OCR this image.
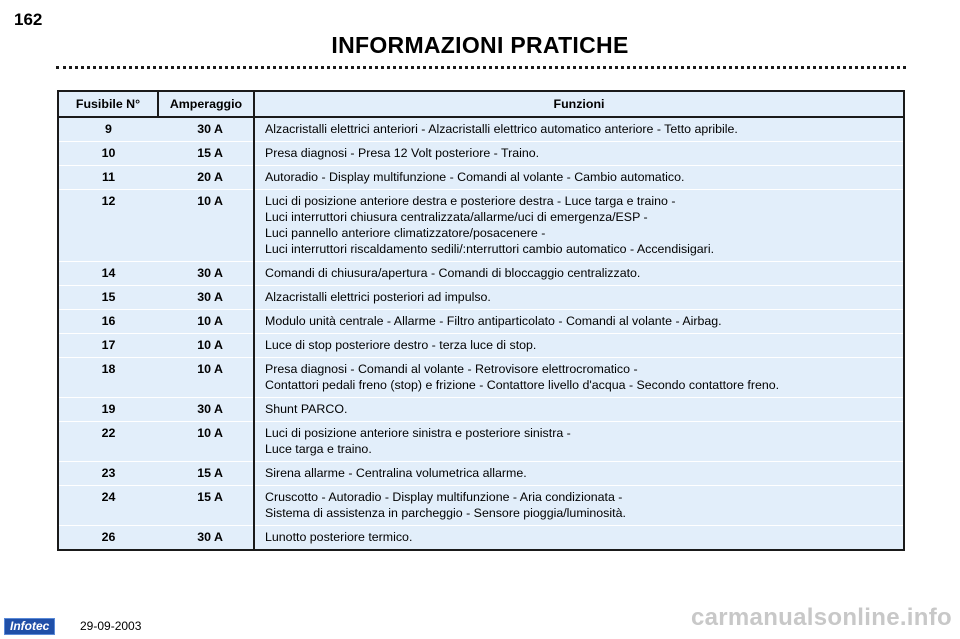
162
INFORMAZIONI PRATICHE
Fusibile N°	Amperaggio	Funzioni
9	30 A	Alzacristalli elettrici anteriori - Alzacristalli elettrico automatico anteriore - Tetto apribile.
10	15 A	Presa diagnosi - Presa 12 Volt posteriore - Traino.
11	20 A	Autoradio - Display multifunzione - Comandi al volante - Cambio automatico.
12	10 A	Luci di posizione anteriore destra e posteriore destra - Luce targa e traino -
Luci interruttori chiusura centralizzata/allarme/uci di emergenza/ESP -
Luci pannello anteriore climatizzatore/posacenere -
Luci interruttori riscaldamento sedili/:nterruttori cambio automatico - Accendisigari.
14	30 A	Comandi di chiusura/apertura - Comandi di bloccaggio centralizzato.
15	30 A	Alzacristalli elettrici posteriori ad impulso.
16	10 A	Modulo unità centrale - Allarme - Filtro antiparticolato - Comandi al volante - Airbag.
17	10 A	Luce di stop posteriore destro - terza luce di stop.
18	10 A	Presa diagnosi - Comandi al volante - Retrovisore elettrocromatico -
Contattori pedali freno (stop) e frizione - Contattore livello d'acqua - Secondo contattore freno.
19	30 A	Shunt PARCO.
22	10 A	Luci di posizione anteriore sinistra e posteriore sinistra -
Luce targa e traino.
23	15 A	Sirena allarme - Centralina volumetrica allarme.
24	15 A	Cruscotto - Autoradio - Display multifunzione - Aria condizionata -
Sistema di assistenza in parcheggio - Sensore pioggia/luminosità.
26	30 A	Lunotto posteriore termico.
Infotec	29-09-2003	carmanualsonline.info
